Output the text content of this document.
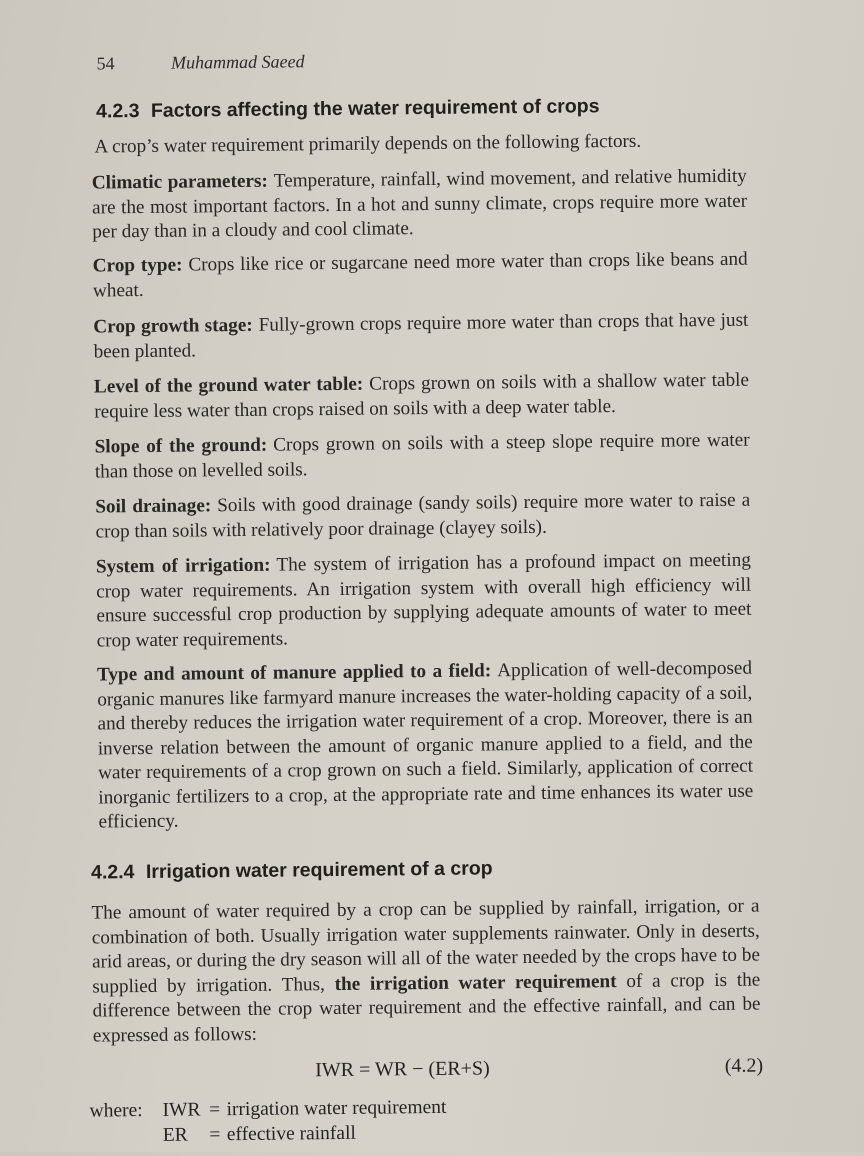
54	Muhammad Saeed
4.2.3 Factors affecting the water requirement of crops
A crop’s water requirement primarily depends on the following factors.
Climatic parameters: Temperature, rainfall, wind movement, and relative humidity are the most important factors. In a hot and sunny climate, crops require more water per day than in a cloudy and cool climate.
Crop type: Crops like rice or sugarcane need more water than crops like beans and wheat.
Crop growth stage: Fully-grown crops require more water than crops that have just been planted.
Level of the ground water table: Crops grown on soils with a shallow water table require less water than crops raised on soils with a deep water table.
Slope of the ground: Crops grown on soils with a steep slope require more water than those on levelled soils.
Soil drainage: Soils with good drainage (sandy soils) require more water to raise a crop than soils with relatively poor drainage (clayey soils).
System of irrigation: The system of irrigation has a profound impact on meeting crop water requirements. An irrigation system with overall high efficiency will ensure successful crop production by supplying adequate amounts of water to meet crop water requirements.
Type and amount of manure applied to a field: Application of well-decomposed organic manures like farmyard manure increases the water-holding capacity of a soil, and thereby reduces the irrigation water requirement of a crop. Moreover, there is an inverse relation between the amount of organic manure applied to a field, and the water requirements of a crop grown on such a field. Similarly, application of correct inorganic fertilizers to a crop, at the appropriate rate and time enhances its water use efficiency.
4.2.4 Irrigation water requirement of a crop
The amount of water required by a crop can be supplied by rainfall, irrigation, or a combination of both. Usually irrigation water supplements rainwater. Only in deserts, arid areas, or during the dry season will all of the water needed by the crops have to be supplied by irrigation. Thus, the irrigation water requirement of a crop is the difference between the crop water requirement and the effective rainfall, and can be expressed as follows:
IWR = WR − (ER+S)	(4.2)
where: IWR = irrigation water requirement
ER = effective rainfall
